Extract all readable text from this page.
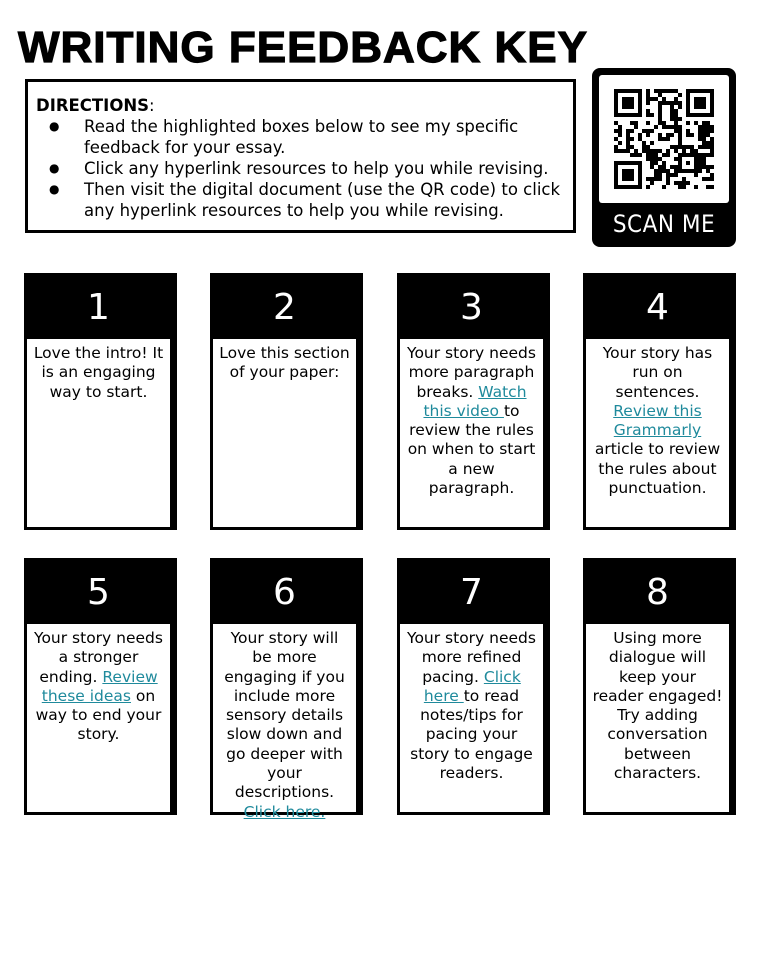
WRITING FEEDBACK KEY
DIRECTIONS:
● Read the highlighted boxes below to see my specific feedback for your essay.
● Click any hyperlink resources to help you while revising.
● Then visit the digital document (use the QR code) to click any hyperlink resources to help you while revising.	SCAN ME
1
Love the intro! It is an engaging way to start.
2
Love this section of your paper:
3
Your story needs more paragraph breaks. Watch this video to review the rules on when to start a new paragraph.
4
Your story has run on sentences. Review this Grammarly article to review the rules about punctuation.
5
Your story needs a stronger ending. Review these ideas on way to end your story.
6
Your story will be more engaging if you include more sensory details slow down and go deeper with your descriptions. Click here.
7
Your story needs more refined pacing. Click here to read notes/tips for pacing your story to engage readers.
8
Using more dialogue will keep your reader engaged! Try adding conversation between characters.
